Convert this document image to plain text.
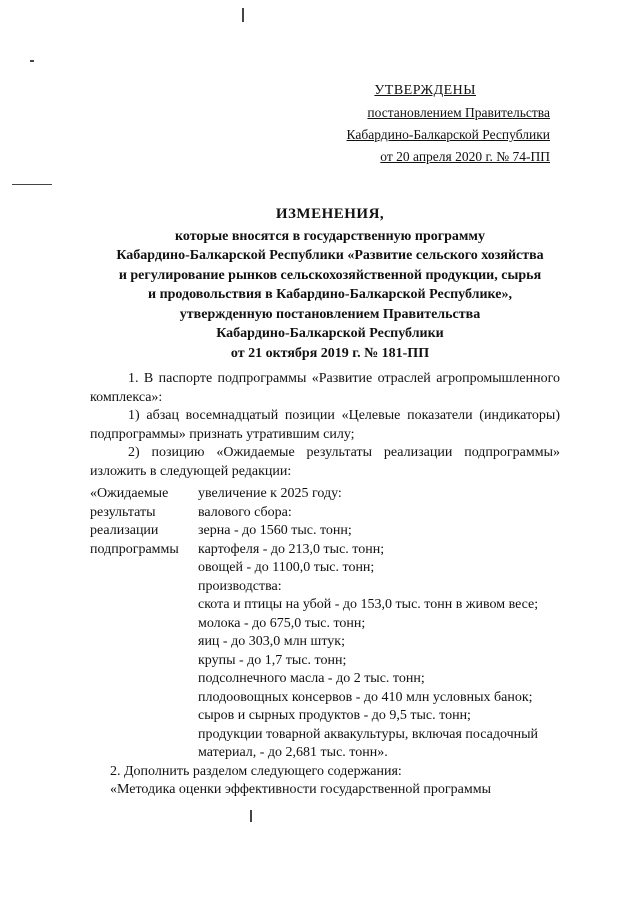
УТВЕРЖДЕНЫ
постановлением Правительства
Кабардино-Балкарской Республики
от 20 апреля 2020 г. № 74-ПП
ИЗМЕНЕНИЯ,
которые вносятся в государственную программу
Кабардино-Балкарской Республики «Развитие сельского хозяйства
и регулирование рынков сельскохозяйственной продукции, сырья
и продовольствия в Кабардино-Балкарской Республике»,
утвержденную постановлением Правительства
Кабардино-Балкарской Республики
от 21 октября 2019 г. № 181-ПП

1. В паспорте подпрограммы «Развитие отраслей агропромышленного комплекса»:

1) абзац восемнадцатый позиции «Целевые показатели (индикаторы) подпрограммы» признать утратившим силу;

2) позицию «Ожидаемые результаты реализации подпрограммы» изложить в следующей редакции:

«Ожидаемые
результаты
реализации
подпрограммы
увеличение к 2025 году:
валового сбора:
зерна - до 1560 тыс. тонн;
картофеля - до 213,0 тыс. тонн;
овощей - до 1100,0 тыс. тонн;
производства:
скота и птицы на убой - до 153,0 тыс. тонн в живом весе;
молока - до 675,0 тыс. тонн;
яиц - до 303,0 млн штук;
крупы - до 1,7 тыс. тонн;
подсолнечного масла - до 2 тыс. тонн;
плодоовощных консервов - до 410 млн условных банок;
сыров и сырных продуктов - до 9,5 тыс. тонн;
продукции товарной аквакультуры, включая посадочный
материал, - до 2,681 тыс. тонн».

2. Дополнить разделом следующего содержания:

«Методика оценки эффективности государственной программы
